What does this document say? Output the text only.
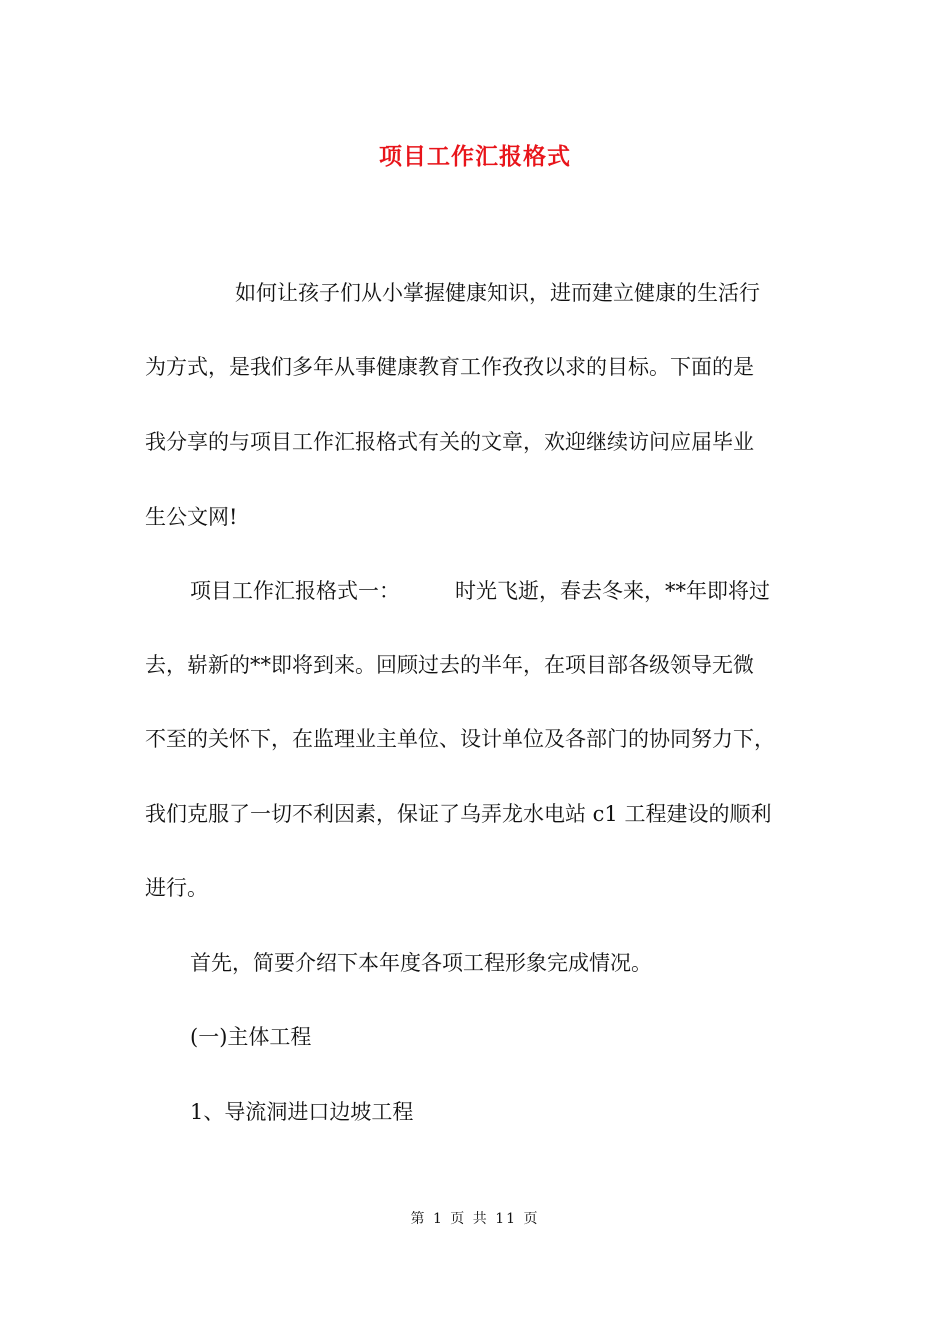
项目工作汇报格式
如何让孩子们从小掌握健康知识，进而建立健康的生活行
为方式，是我们多年从事健康教育工作孜孜以求的目标。下面的是
我分享的与项目工作汇报格式有关的文章，欢迎继续访问应届毕业
生公文网!
项目工作汇报格式一：	时光飞逝，春去冬来，**年即将过
去，崭新的**即将到来。回顾过去的半年，在项目部各级领导无微
不至的关怀下，在监理业主单位、设计单位及各部门的协同努力下，
我们克服了一切不利因素，保证了乌弄龙水电站 c1 工程建设的顺利
进行。
首先，简要介绍下本年度各项工程形象完成情况。
(一)主体工程
1、导流洞进口边坡工程
第 1 页 共 11 页
